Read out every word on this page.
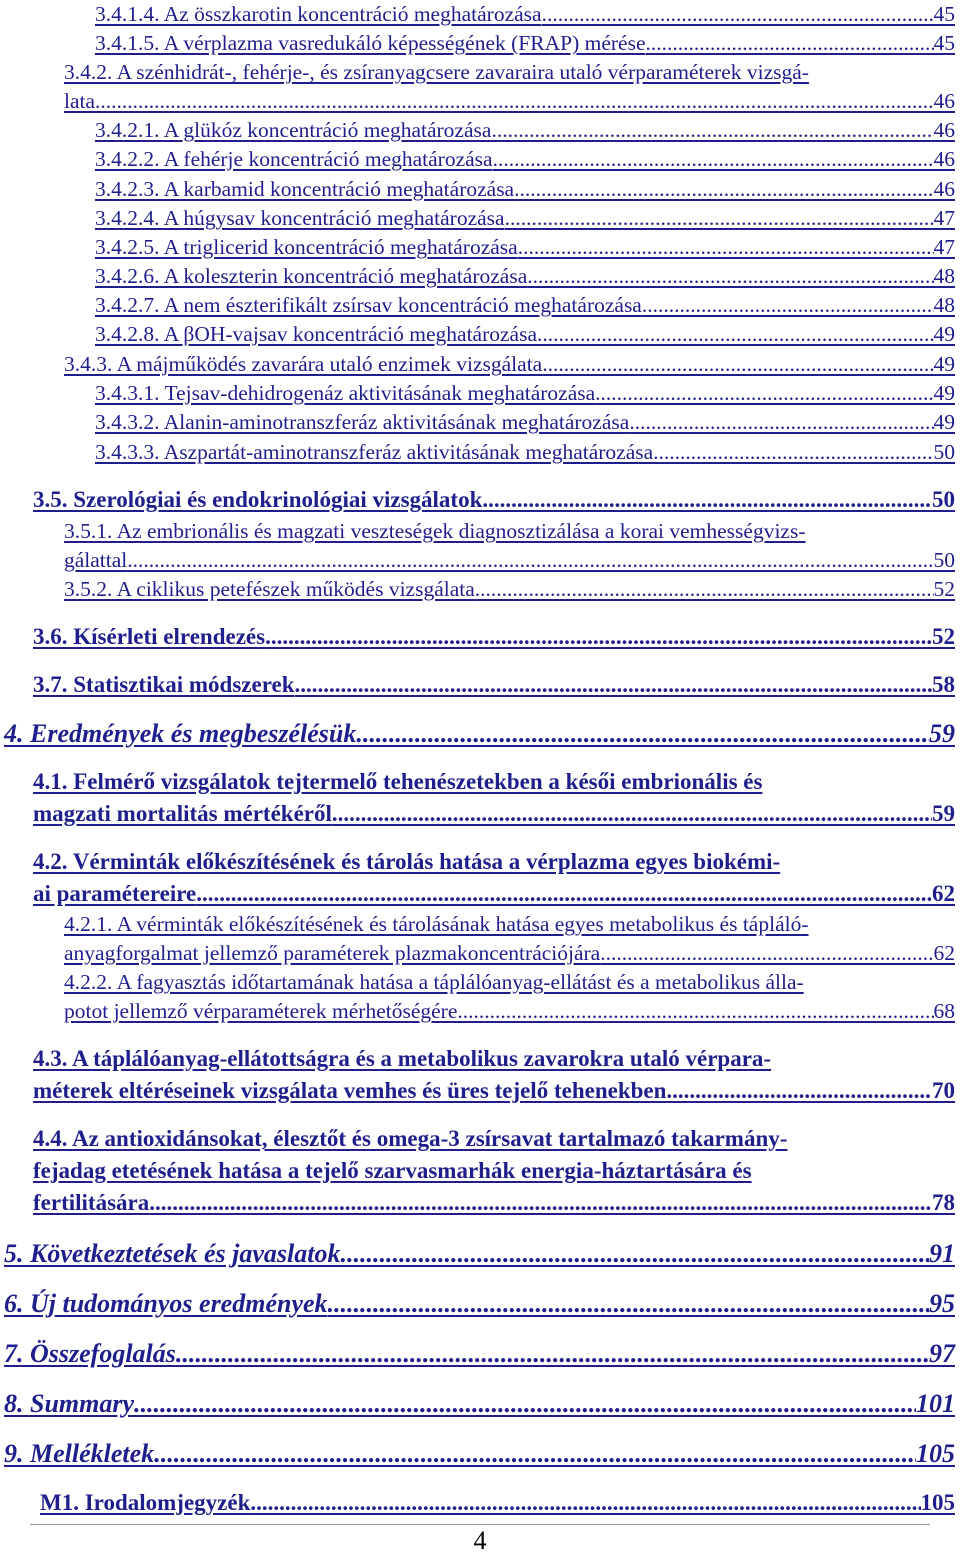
3.4.1.4. Az összkarotin koncentráció meghatározása .....	45
3.4.1.5. A vérplazma vasredukáló képességének (FRAP) mérése .....	45
3.4.2. A szénhidrát-, fehérje-, és zsíranyagcsere zavaraira utaló vérparaméterek vizsgá-
lata .....	46
3.4.2.1. A glükóz koncentráció meghatározása .....	46
3.4.2.2. A fehérje koncentráció meghatározása .....	46
3.4.2.3. A karbamid koncentráció meghatározása .....	46
3.4.2.4. A húgysav koncentráció meghatározása .....	47
3.4.2.5. A triglicerid koncentráció meghatározása .....	47
3.4.2.6. A koleszterin koncentráció meghatározása .....	48
3.4.2.7. A nem észterifikált zsírsav koncentráció meghatározása .....	48
3.4.2.8. A βOH-vajsav koncentráció meghatározása .....	49
3.4.3. A májműködés zavarára utaló enzimek vizsgálata .....	49
3.4.3.1. Tejsav-dehidrogenáz aktivitásának meghatározása .....	49
3.4.3.2. Alanin-aminotranszferáz aktivitásának meghatározása .....	49
3.4.3.3. Aszpartát-aminotranszferáz aktivitásának meghatározása .....	50
3.5. Szerológiai és endokrinológiai vizsgálatok .....	50
3.5.1. Az embrionális és magzati veszteségek diagnosztizálása a korai vemhességvizs-
gálattal .....	50
3.5.2. A ciklikus petefészek működés vizsgálata .....	52
3.6. Kísérleti elrendezés .....	52
3.7. Statisztikai módszerek .....	58
4. Eredmények és megbeszélésük .....	59
4.1. Felmérő vizsgálatok tejtermelő tehenészetekben a késői embrionális és
magzati mortalitás mértékéről .....	59
4.2. Vérminták előkészítésének és tárolás hatása a vérplazma egyes biokémi-
ai paramétereire .....	62
4.2.1. A vérminták előkészítésének és tárolásának hatása egyes metabolikus és tápláló-
anyagforgalmat jellemző paraméterek plazmakoncentrációjára .....	62
4.2.2. A fagyasztás időtartamának hatása a táplálóanyag-ellátást és a metabolikus álla-
potot jellemző vérparaméterek mérhetőségére .....	68
4.3. A táplálóanyag-ellátottságra és a metabolikus zavarokra utaló vérpara-
méterek eltéréseinek vizsgálata vemhes és üres tejelő tehenekben .....	70
4.4. Az antioxidánsokat, élesztőt és omega-3 zsírsavat tartalmazó takarmány-
fejadag etetésének hatása a tejelő szarvasmarhák energia-háztartására és
fertilitására .....	78
5. Következtetések és javaslatok .....	91
6. Új tudományos eredmények .....	95
7. Összefoglalás .....	97
8. Summary .....	101
9. Mellékletek .....	105
M1. Irodalomjegyzék .....	105
4
